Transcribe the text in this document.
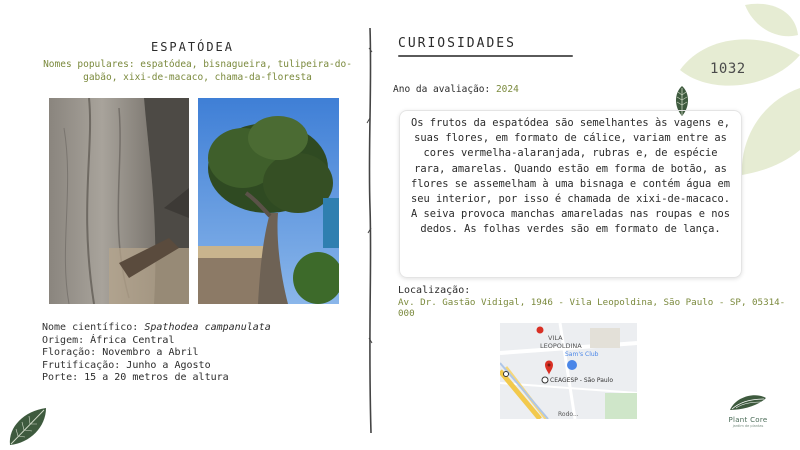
1032
ESPATÓDEA
Nomes populares: espatódea, bisnagueira, tulipeira-do-gabão, xixi-de-macaco, chama-da-floresta
Nome científico: Spathodea campanulata
Origem: África Central
Floração: Novembro a Abril
Frutificação: Junho a Agosto
Porte: 15 a 20 metros de altura
CURIOSIDADES
Ano da avaliação: 2024
Os frutos da espatódea são semelhantes às vagens e, suas flores, em formato de cálice, variam entre as cores vermelha-alaranjada, rubras e, de espécie rara, amarelas. Quando estão em forma de botão, as flores se assemelham à uma bisnaga e contém água em seu interior, por isso é chamada de xixi-de-macaco. A seiva provoca manchas amareladas nas roupas e nos dedos. As folhas verdes são em formato de lança.
Localização:
Av. Dr. Gastão Vidigal, 1946 - Vila Leopoldina, São Paulo - SP, 05314-000
VILA LEOPOLDINA
Sam's Club
CEAGESP - São Paulo
Rodo...
Plant Core
jardim de plantas
